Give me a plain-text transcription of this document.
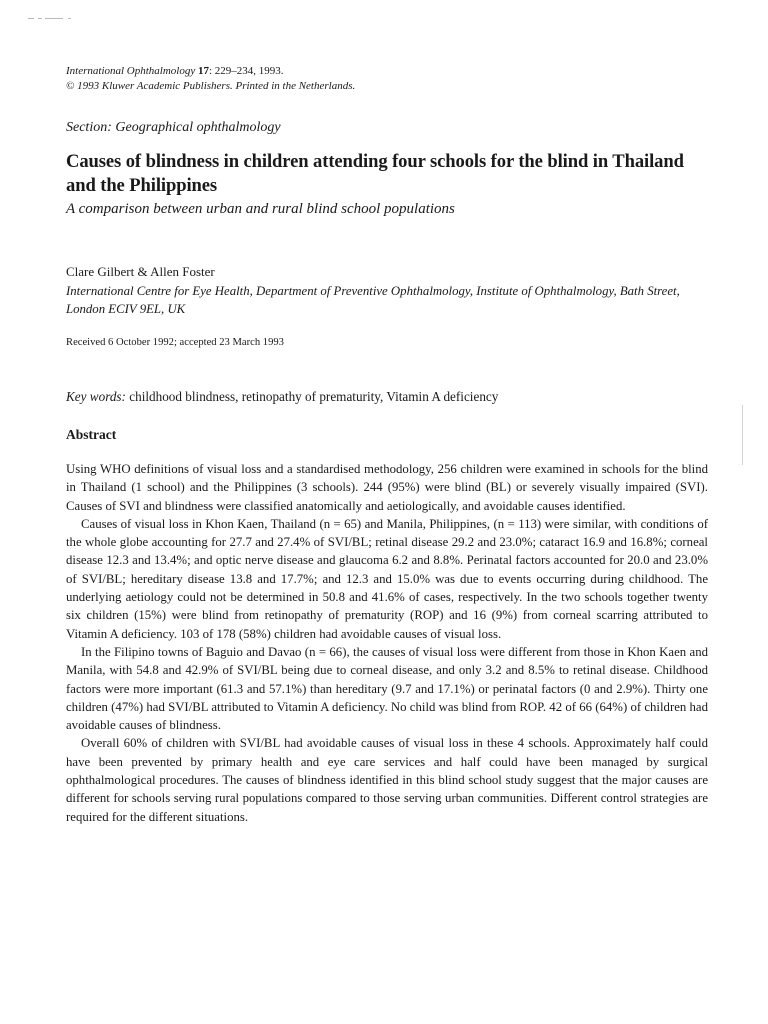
International Ophthalmology 17: 229–234, 1993.
© 1993 Kluwer Academic Publishers. Printed in the Netherlands.
Section: Geographical ophthalmology
Causes of blindness in children attending four schools for the blind in Thailand and the Philippines
A comparison between urban and rural blind school populations
Clare Gilbert & Allen Foster
International Centre for Eye Health, Department of Preventive Ophthalmology, Institute of Ophthalmology, Bath Street, London ECIV 9EL, UK
Received 6 October 1992; accepted 23 March 1993
Key words: childhood blindness, retinopathy of prematurity, Vitamin A deficiency
Abstract

Using WHO definitions of visual loss and a standardised methodology, 256 children were examined in schools for the blind in Thailand (1 school) and the Philippines (3 schools). 244 (95%) were blind (BL) or severely visually impaired (SVI). Causes of SVI and blindness were classified anatomically and aetiologically, and avoidable causes identified.

Causes of visual loss in Khon Kaen, Thailand (n = 65) and Manila, Philippines, (n = 113) were similar, with conditions of the whole globe accounting for 27.7 and 27.4% of SVI/BL; retinal disease 29.2 and 23.0%; cataract 16.9 and 16.8%; corneal disease 12.3 and 13.4%; and optic nerve disease and glaucoma 6.2 and 8.8%. Perinatal factors accounted for 20.0 and 23.0% of SVI/BL; hereditary disease 13.8 and 17.7%; and 12.3 and 15.0% was due to events occurring during childhood. The underlying aetiology could not be determined in 50.8 and 41.6% of cases, respectively. In the two schools together twenty six children (15%) were blind from retinopathy of prematurity (ROP) and 16 (9%) from corneal scarring attributed to Vitamin A deficiency. 103 of 178 (58%) children had avoidable causes of visual loss.

In the Filipino towns of Baguio and Davao (n = 66), the causes of visual loss were different from those in Khon Kaen and Manila, with 54.8 and 42.9% of SVI/BL being due to corneal disease, and only 3.2 and 8.5% to retinal disease. Childhood factors were more important (61.3 and 57.1%) than hereditary (9.7 and 17.1%) or perinatal factors (0 and 2.9%). Thirty one children (47%) had SVI/BL attributed to Vitamin A deficiency. No child was blind from ROP. 42 of 66 (64%) of children had avoidable causes of blindness.

Overall 60% of children with SVI/BL had avoidable causes of visual loss in these 4 schools. Approximately half could have been prevented by primary health and eye care services and half could have been managed by surgical ophthalmological procedures. The causes of blindness identified in this blind school study suggest that the major causes are different for schools serving rural populations compared to those serving urban communities. Different control strategies are required for the different situations.
